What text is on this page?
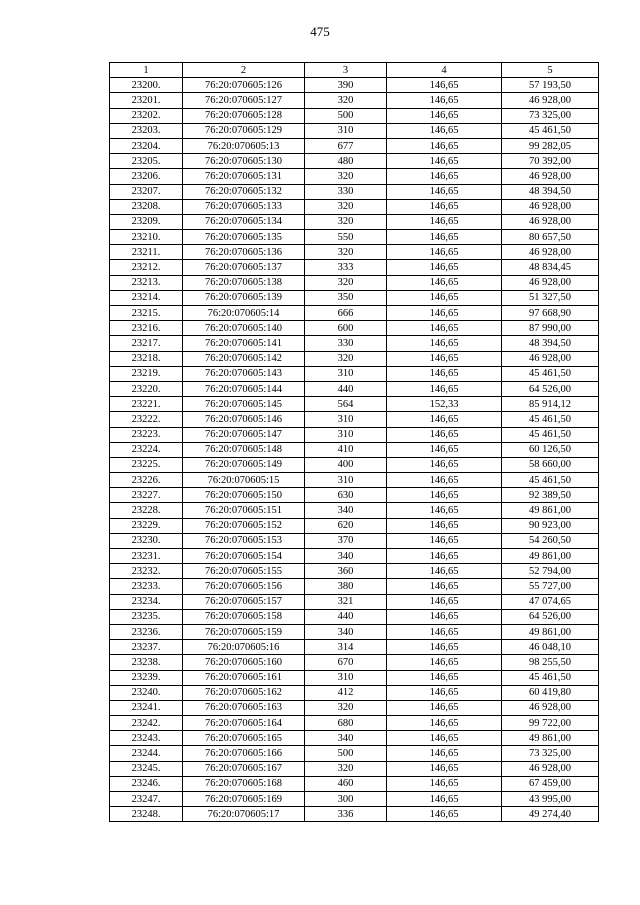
475
1	2	3	4	5
23200.	76:20:070605:126	390	146,65	57 193,50
23201.	76:20:070605:127	320	146,65	46 928,00
23202.	76:20:070605:128	500	146,65	73 325,00
23203.	76:20:070605:129	310	146,65	45 461,50
23204.	76:20:070605:13	677	146,65	99 282,05
23205.	76:20:070605:130	480	146,65	70 392,00
23206.	76:20:070605:131	320	146,65	46 928,00
23207.	76:20:070605:132	330	146,65	48 394,50
23208.	76:20:070605:133	320	146,65	46 928,00
23209.	76:20:070605:134	320	146,65	46 928,00
23210.	76:20:070605:135	550	146,65	80 657,50
23211.	76:20:070605:136	320	146,65	46 928,00
23212.	76:20:070605:137	333	146,65	48 834,45
23213.	76:20:070605:138	320	146,65	46 928,00
23214.	76:20:070605:139	350	146,65	51 327,50
23215.	76:20:070605:14	666	146,65	97 668,90
23216.	76:20:070605:140	600	146,65	87 990,00
23217.	76:20:070605:141	330	146,65	48 394,50
23218.	76:20:070605:142	320	146,65	46 928,00
23219.	76:20:070605:143	310	146,65	45 461,50
23220.	76:20:070605:144	440	146,65	64 526,00
23221.	76:20:070605:145	564	152,33	85 914,12
23222.	76:20:070605:146	310	146,65	45 461,50
23223.	76:20:070605:147	310	146,65	45 461,50
23224.	76:20:070605:148	410	146,65	60 126,50
23225.	76:20:070605:149	400	146,65	58 660,00
23226.	76:20:070605:15	310	146,65	45 461,50
23227.	76:20:070605:150	630	146,65	92 389,50
23228.	76:20:070605:151	340	146,65	49 861,00
23229.	76:20:070605:152	620	146,65	90 923,00
23230.	76:20:070605:153	370	146,65	54 260,50
23231.	76:20:070605:154	340	146,65	49 861,00
23232.	76:20:070605:155	360	146,65	52 794,00
23233.	76:20:070605:156	380	146,65	55 727,00
23234.	76:20:070605:157	321	146,65	47 074,65
23235.	76:20:070605:158	440	146,65	64 526,00
23236.	76:20:070605:159	340	146,65	49 861,00
23237.	76:20:070605:16	314	146,65	46 048,10
23238.	76:20:070605:160	670	146,65	98 255,50
23239.	76:20:070605:161	310	146,65	45 461,50
23240.	76:20:070605:162	412	146,65	60 419,80
23241.	76:20:070605:163	320	146,65	46 928,00
23242.	76:20:070605:164	680	146,65	99 722,00
23243.	76:20:070605:165	340	146,65	49 861,00
23244.	76:20:070605:166	500	146,65	73 325,00
23245.	76:20:070605:167	320	146,65	46 928,00
23246.	76:20:070605:168	460	146,65	67 459,00
23247.	76:20:070605:169	300	146,65	43 995,00
23248.	76:20:070605:17	336	146,65	49 274,40
